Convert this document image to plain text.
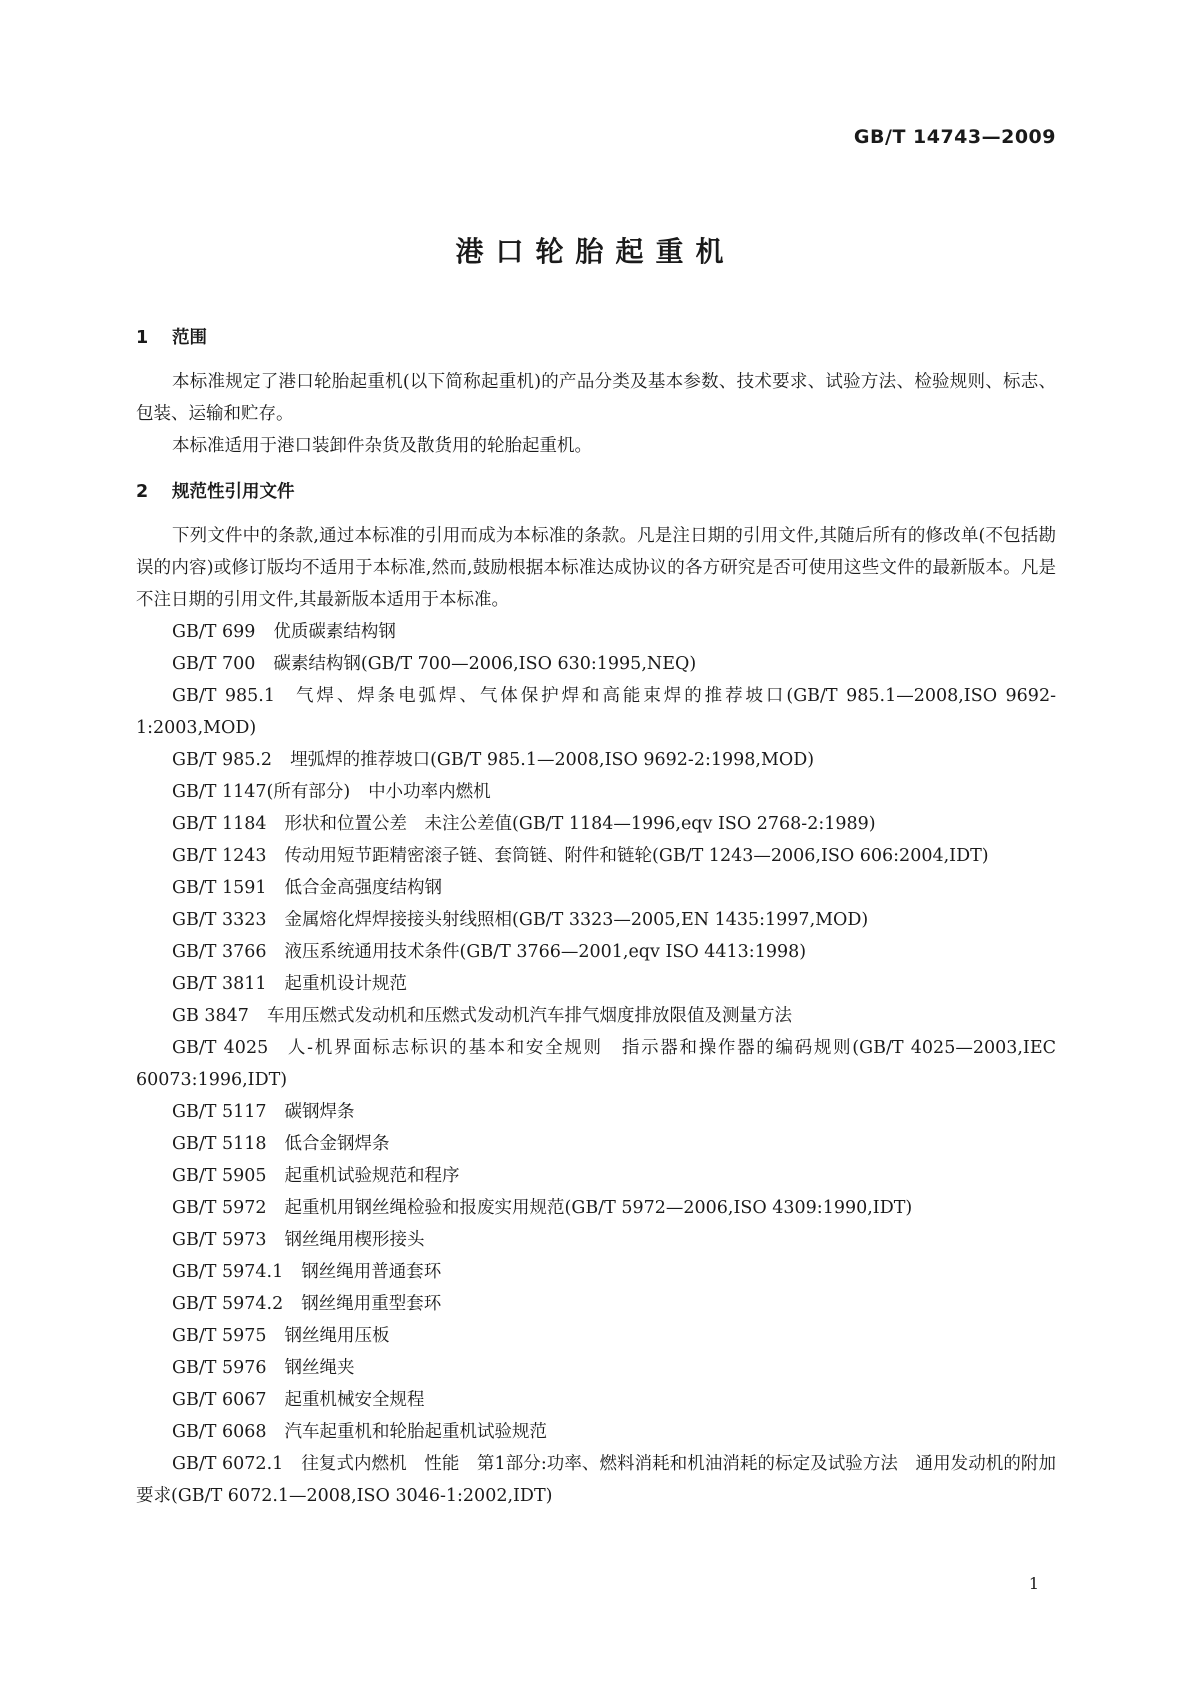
GB/T 14743—2009
港口轮胎起重机

1 范围

本标准规定了港口轮胎起重机(以下简称起重机)的产品分类及基本参数、技术要求、试验方法、检验规则、标志、包装、运输和贮存。

本标准适用于港口装卸件杂货及散货用的轮胎起重机。

2 规范性引用文件

下列文件中的条款,通过本标准的引用而成为本标准的条款。凡是注日期的引用文件,其随后所有的修改单(不包括勘误的内容)或修订版均不适用于本标准,然而,鼓励根据本标准达成协议的各方研究是否可使用这些文件的最新版本。凡是不注日期的引用文件,其最新版本适用于本标准。

GB/T 699 优质碳素结构钢

GB/T 700 碳素结构钢(GB/T 700—2006,ISO 630:1995,NEQ)

GB/T 985.1 气焊、焊条电弧焊、气体保护焊和高能束焊的推荐坡口(GB/T 985.1—2008,ISO 9692-1:2003,MOD)

GB/T 985.2 埋弧焊的推荐坡口(GB/T 985.1—2008,ISO 9692-2:1998,MOD)

GB/T 1147(所有部分) 中小功率内燃机

GB/T 1184 形状和位置公差　未注公差值(GB/T 1184—1996,eqv ISO 2768-2:1989)

GB/T 1243 传动用短节距精密滚子链、套筒链、附件和链轮(GB/T 1243—2006,ISO 606:2004,IDT)

GB/T 1591 低合金高强度结构钢

GB/T 3323 金属熔化焊焊接接头射线照相(GB/T 3323—2005,EN 1435:1997,MOD)

GB/T 3766 液压系统通用技术条件(GB/T 3766—2001,eqv ISO 4413:1998)

GB/T 3811 起重机设计规范

GB 3847 车用压燃式发动机和压燃式发动机汽车排气烟度排放限值及测量方法

GB/T 4025 人-机界面标志标识的基本和安全规则　指示器和操作器的编码规则(GB/T 4025—2003,IEC 60073:1996,IDT)

GB/T 5117 碳钢焊条

GB/T 5118 低合金钢焊条

GB/T 5905 起重机试验规范和程序

GB/T 5972 起重机用钢丝绳检验和报废实用规范(GB/T 5972—2006,ISO 4309:1990,IDT)

GB/T 5973 钢丝绳用楔形接头

GB/T 5974.1 钢丝绳用普通套环

GB/T 5974.2 钢丝绳用重型套环

GB/T 5975 钢丝绳用压板

GB/T 5976 钢丝绳夹

GB/T 6067 起重机械安全规程

GB/T 6068 汽车起重机和轮胎起重机试验规范

GB/T 6072.1 往复式内燃机　性能　第1部分:功率、燃料消耗和机油消耗的标定及试验方法　通用发动机的附加要求(GB/T 6072.1—2008,ISO 3046-1:2002,IDT)

1
